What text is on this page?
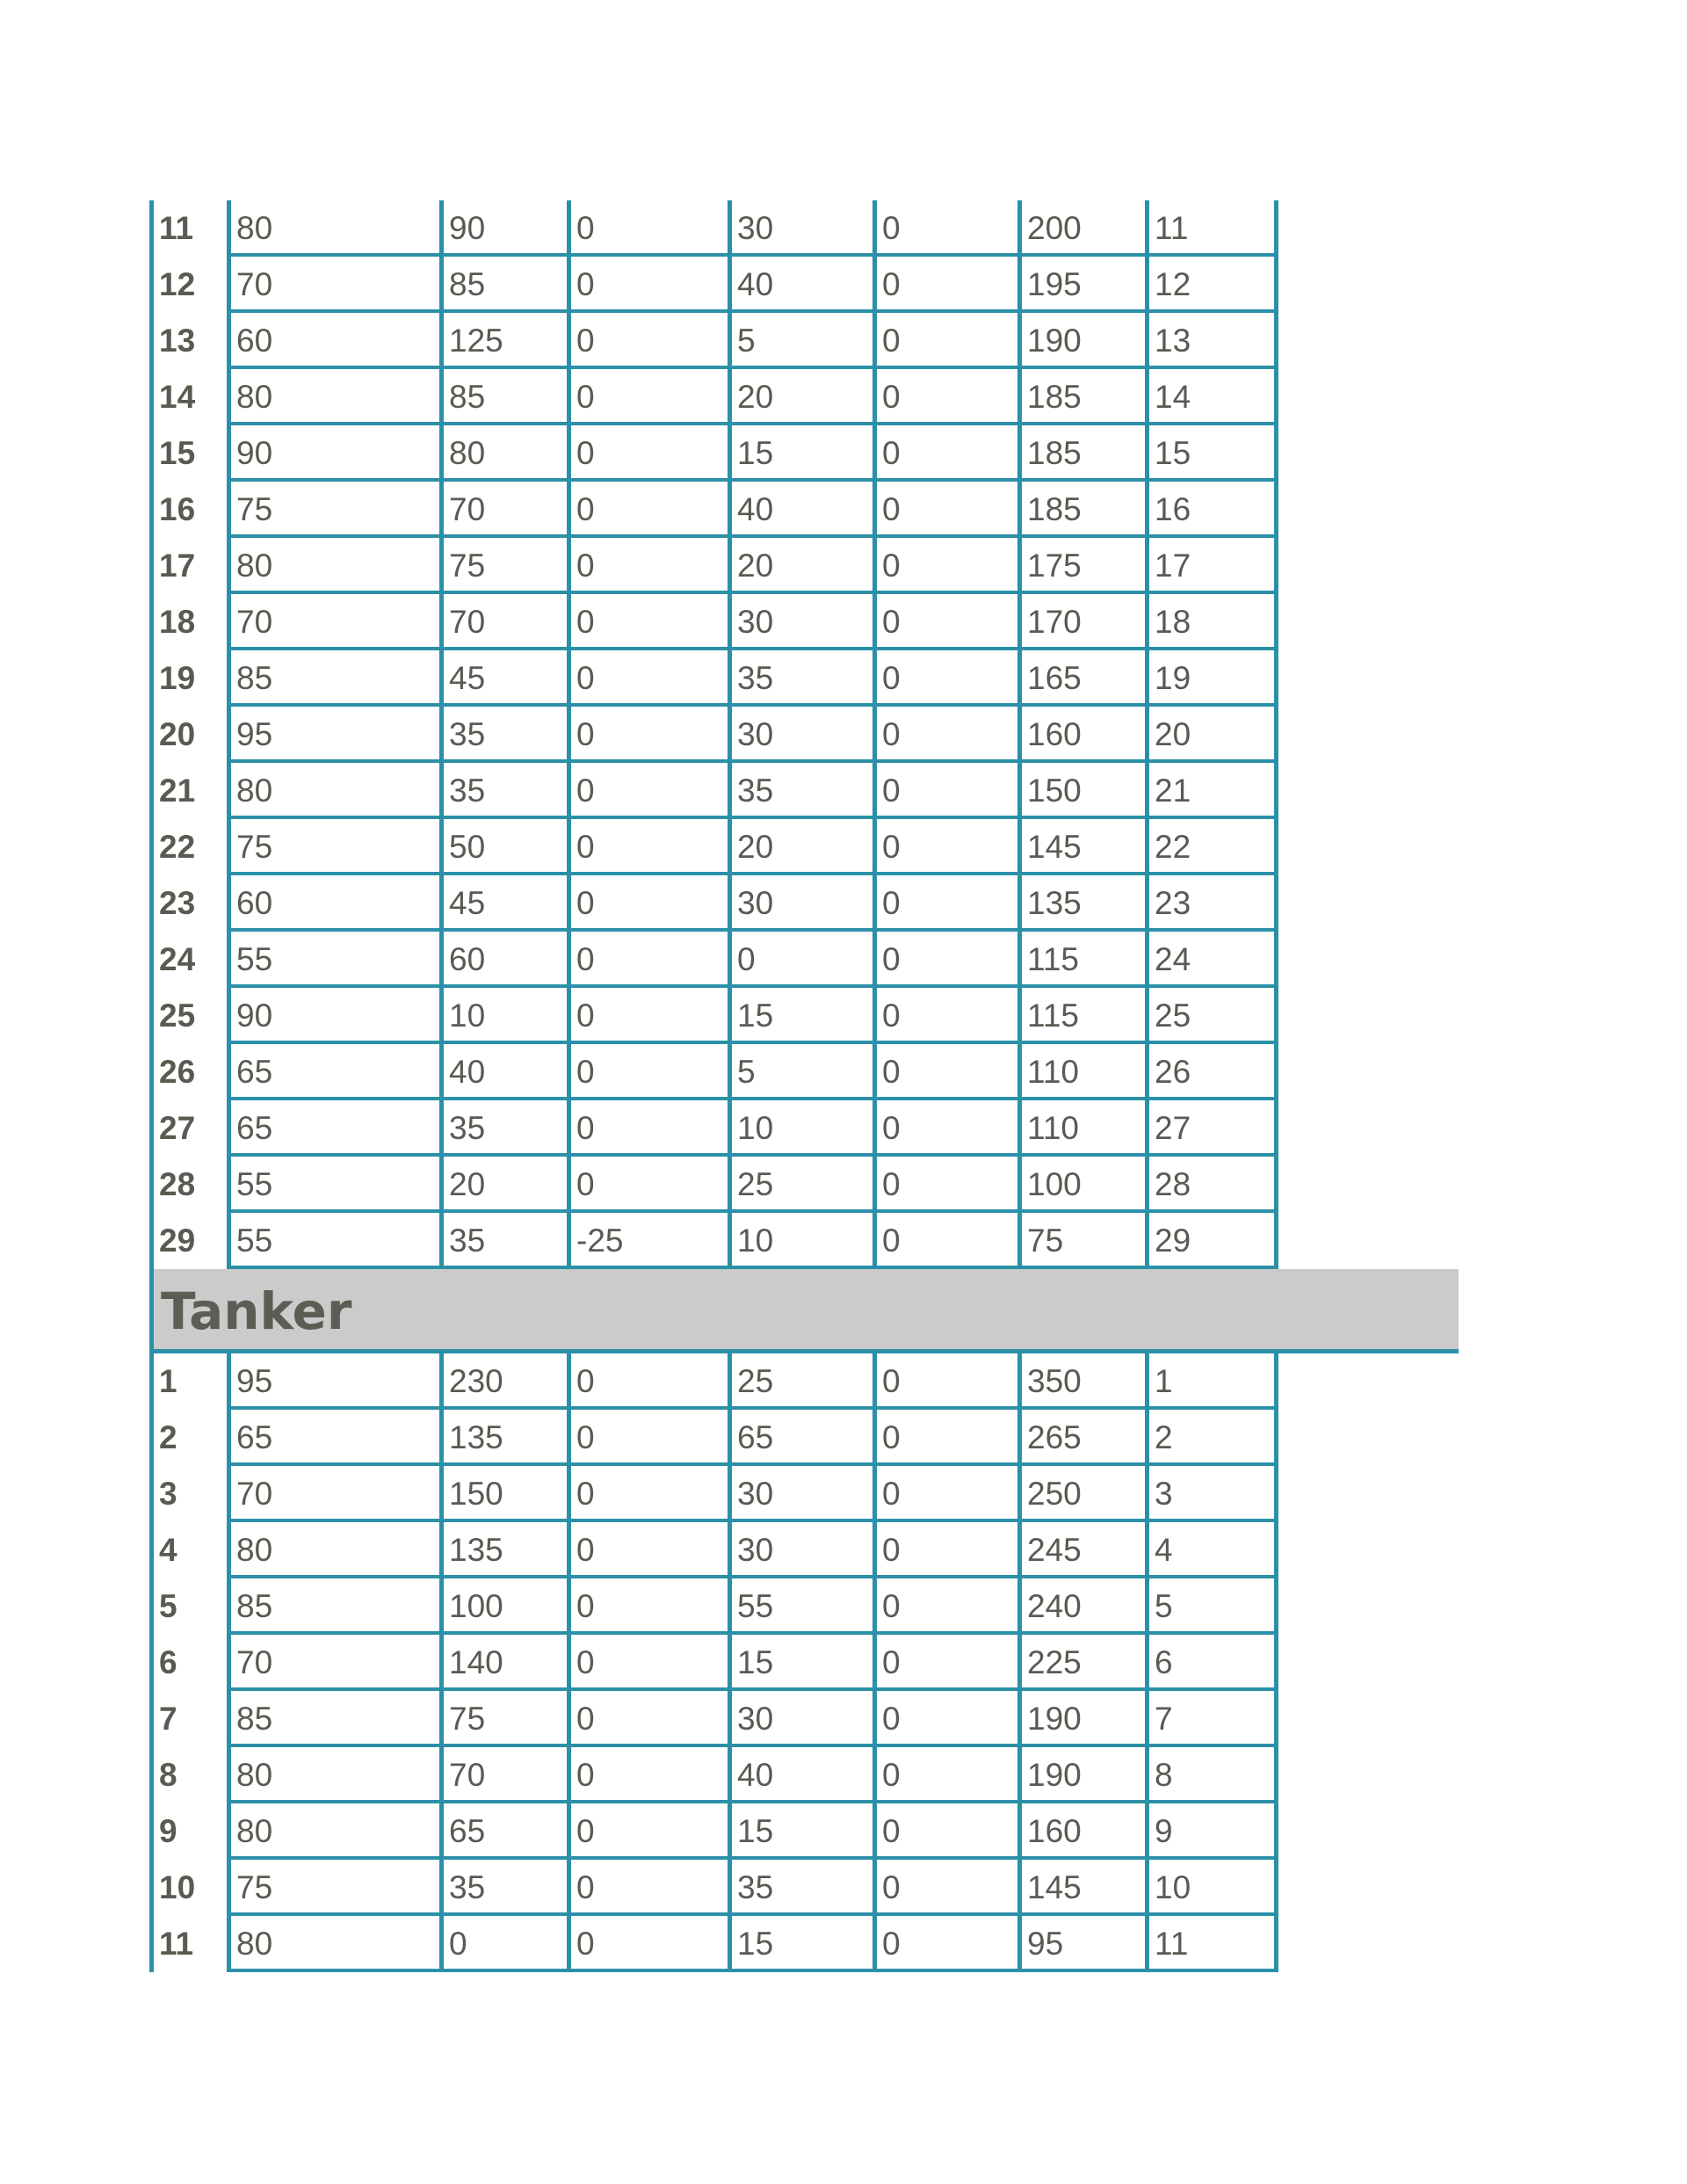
11	80	90	0	30	0	200	11
12	70	85	0	40	0	195	12
13	60	125	0	5	0	190	13
14	80	85	0	20	0	185	14
15	90	80	0	15	0	185	15
16	75	70	0	40	0	185	16
17	80	75	0	20	0	175	17
18	70	70	0	30	0	170	18
19	85	45	0	35	0	165	19
20	95	35	0	30	0	160	20
21	80	35	0	35	0	150	21
22	75	50	0	20	0	145	22
23	60	45	0	30	0	135	23
24	55	60	0	0	0	115	24
25	90	10	0	15	0	115	25
26	65	40	0	5	0	110	26
27	65	35	0	10	0	110	27
28	55	20	0	25	0	100	28
29	55	35	-25	10	0	75	29
Tanker
1	95	230	0	25	0	350	1
2	65	135	0	65	0	265	2
3	70	150	0	30	0	250	3
4	80	135	0	30	0	245	4
5	85	100	0	55	0	240	5
6	70	140	0	15	0	225	6
7	85	75	0	30	0	190	7
8	80	70	0	40	0	190	8
9	80	65	0	15	0	160	9
10	75	35	0	35	0	145	10
11	80	0	0	15	0	95	11
